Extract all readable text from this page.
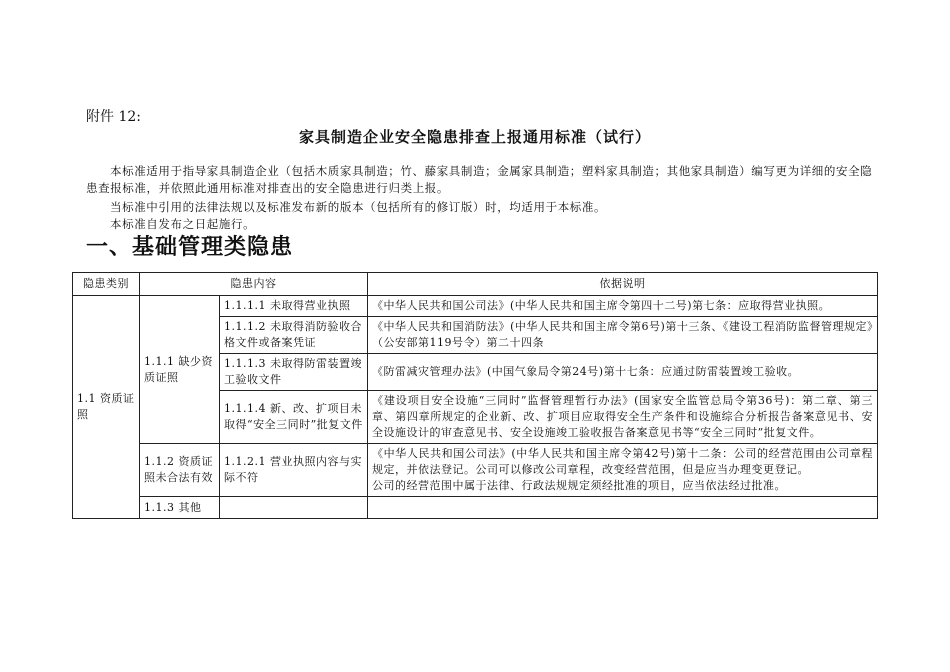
附件 12:
家具制造企业安全隐患排查上报通用标准（试行）
本标准适用于指导家具制造企业（包括木质家具制造；竹、藤家具制造；金属家具制造；塑料家具制造；其他家具制造）编写更为详细的安全隐患查报标准，并依照此通用标准对排查出的安全隐患进行归类上报。
当标准中引用的法律法规以及标准发布新的版本（包括所有的修订版）时，均适用于本标准。
本标准自发布之日起施行。
一、基础管理类隐患
隐患类别	隐患内容		依据说明
1.1 资质证照	1.1.1 缺少资质证照	1.1.1.1 未取得营业执照	《中华人民共和国公司法》(中华人民共和国主席令第四十二号)第七条：应取得营业执照。
		1.1.1.2 未取得消防验收合格文件或备案凭证	《中华人民共和国消防法》(中华人民共和国主席令第6号)第十三条、《建设工程消防监督管理规定》（公安部第119号令）第二十四条
		1.1.1.3 未取得防雷装置竣工验收文件	《防雷减灾管理办法》(中国气象局令第24号)第十七条：应通过防雷装置竣工验收。
		1.1.1.4 新、改、扩项目未取得“安全三同时”批复文件	《建设项目安全设施“三同时”监督管理暂行办法》(国家安全监管总局令第36号)：第二章、第三章、第四章所规定的企业新、改、扩项目应取得安全生产条件和设施综合分析报告备案意见书、安全设施设计的审查意见书、安全设施竣工验收报告备案意见书等“安全三同时”批复文件。
	1.1.2 资质证照未合法有效	1.1.2.1 营业执照内容与实际不符	《中华人民共和国公司法》(中华人民共和国主席令第42号)第十二条：公司的经营范围由公司章程规定，并依法登记。公司可以修改公司章程，改变经营范围，但是应当办理变更登记。
公司的经营范围中属于法律、行政法规规定须经批准的项目，应当依法经过批准。

	1.1.3 其他		
